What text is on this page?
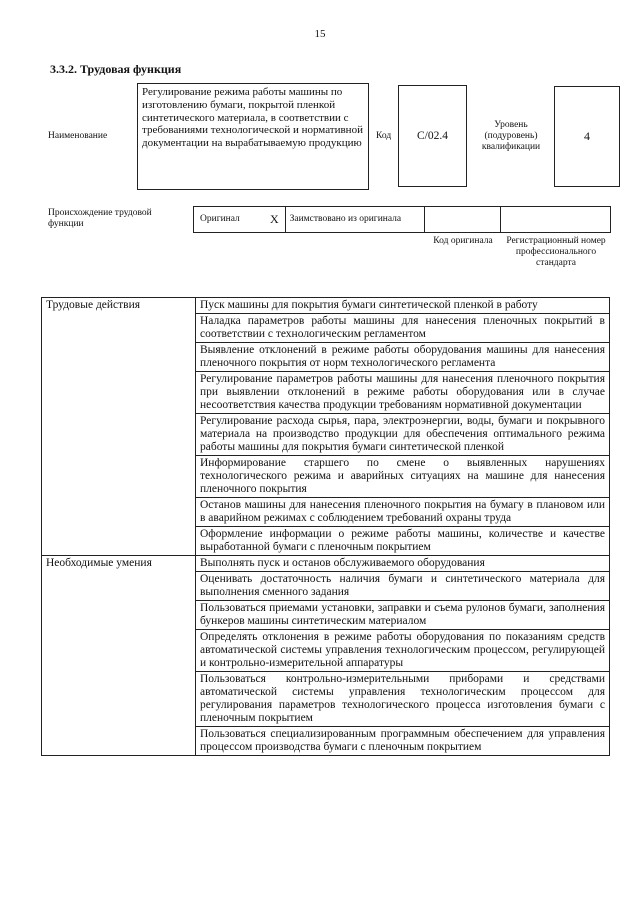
15
3.3.2. Трудовая функция
Наименование
Регулирование режима работы машины по изготовлению бумаги, покрытой пленкой синтетического материала, в соответствии с требованиями технологической и нормативной документации на вырабатываемую продукцию
Код	С/02.4
Уровень (подуровень) квалификации
4
Происхождение трудовой функции	Оригинал	X	Заимствовано из оригинала
Код оригинала	Регистрационный номер профессионального стандарта
Трудовые действия	Пуск машины для покрытия бумаги синтетической пленкой в работу
	Наладка параметров работы машины для нанесения пленочных покрытий в соответствии с технологическим регламентом
	Выявление отклонений в режиме работы оборудования машины для нанесения пленочного покрытия от норм технологического регламента
	Регулирование параметров работы машины для нанесения пленочного покрытия при выявлении отклонений в режиме работы оборудования или в случае несоответствия качества продукции требованиям нормативной документации
	Регулирование расхода сырья, пара, электроэнергии, воды, бумаги и покрывного материала на производство продукции для обеспечения оптимального режима работы машины для покрытия бумаги синтетической пленкой
	Информирование старшего по смене о выявленных нарушениях технологического режима и аварийных ситуациях на машине для нанесения пленочного покрытия
	Останов машины для нанесения пленочного покрытия на бумагу в плановом или в аварийном режимах с соблюдением требований охраны труда
	Оформление информации о режиме работы машины, количестве и качестве выработанной бумаги с пленочным покрытием
Необходимые умения	Выполнять пуск и останов обслуживаемого оборудования
	Оценивать достаточность наличия бумаги и синтетического материала для выполнения сменного задания
	Пользоваться приемами установки, заправки и съема рулонов бумаги, заполнения бункеров машины синтетическим материалом
	Определять отклонения в режиме работы оборудования по показаниям средств автоматической системы управления технологическим процессом, регулирующей и контрольно-измерительной аппаратуры
	Пользоваться контрольно-измерительными приборами и средствами автоматической системы управления технологическим процессом для регулирования параметров технологического процесса изготовления бумаги с пленочным покрытием
	Пользоваться специализированным программным обеспечением для управления процессом производства бумаги с пленочным покрытием
